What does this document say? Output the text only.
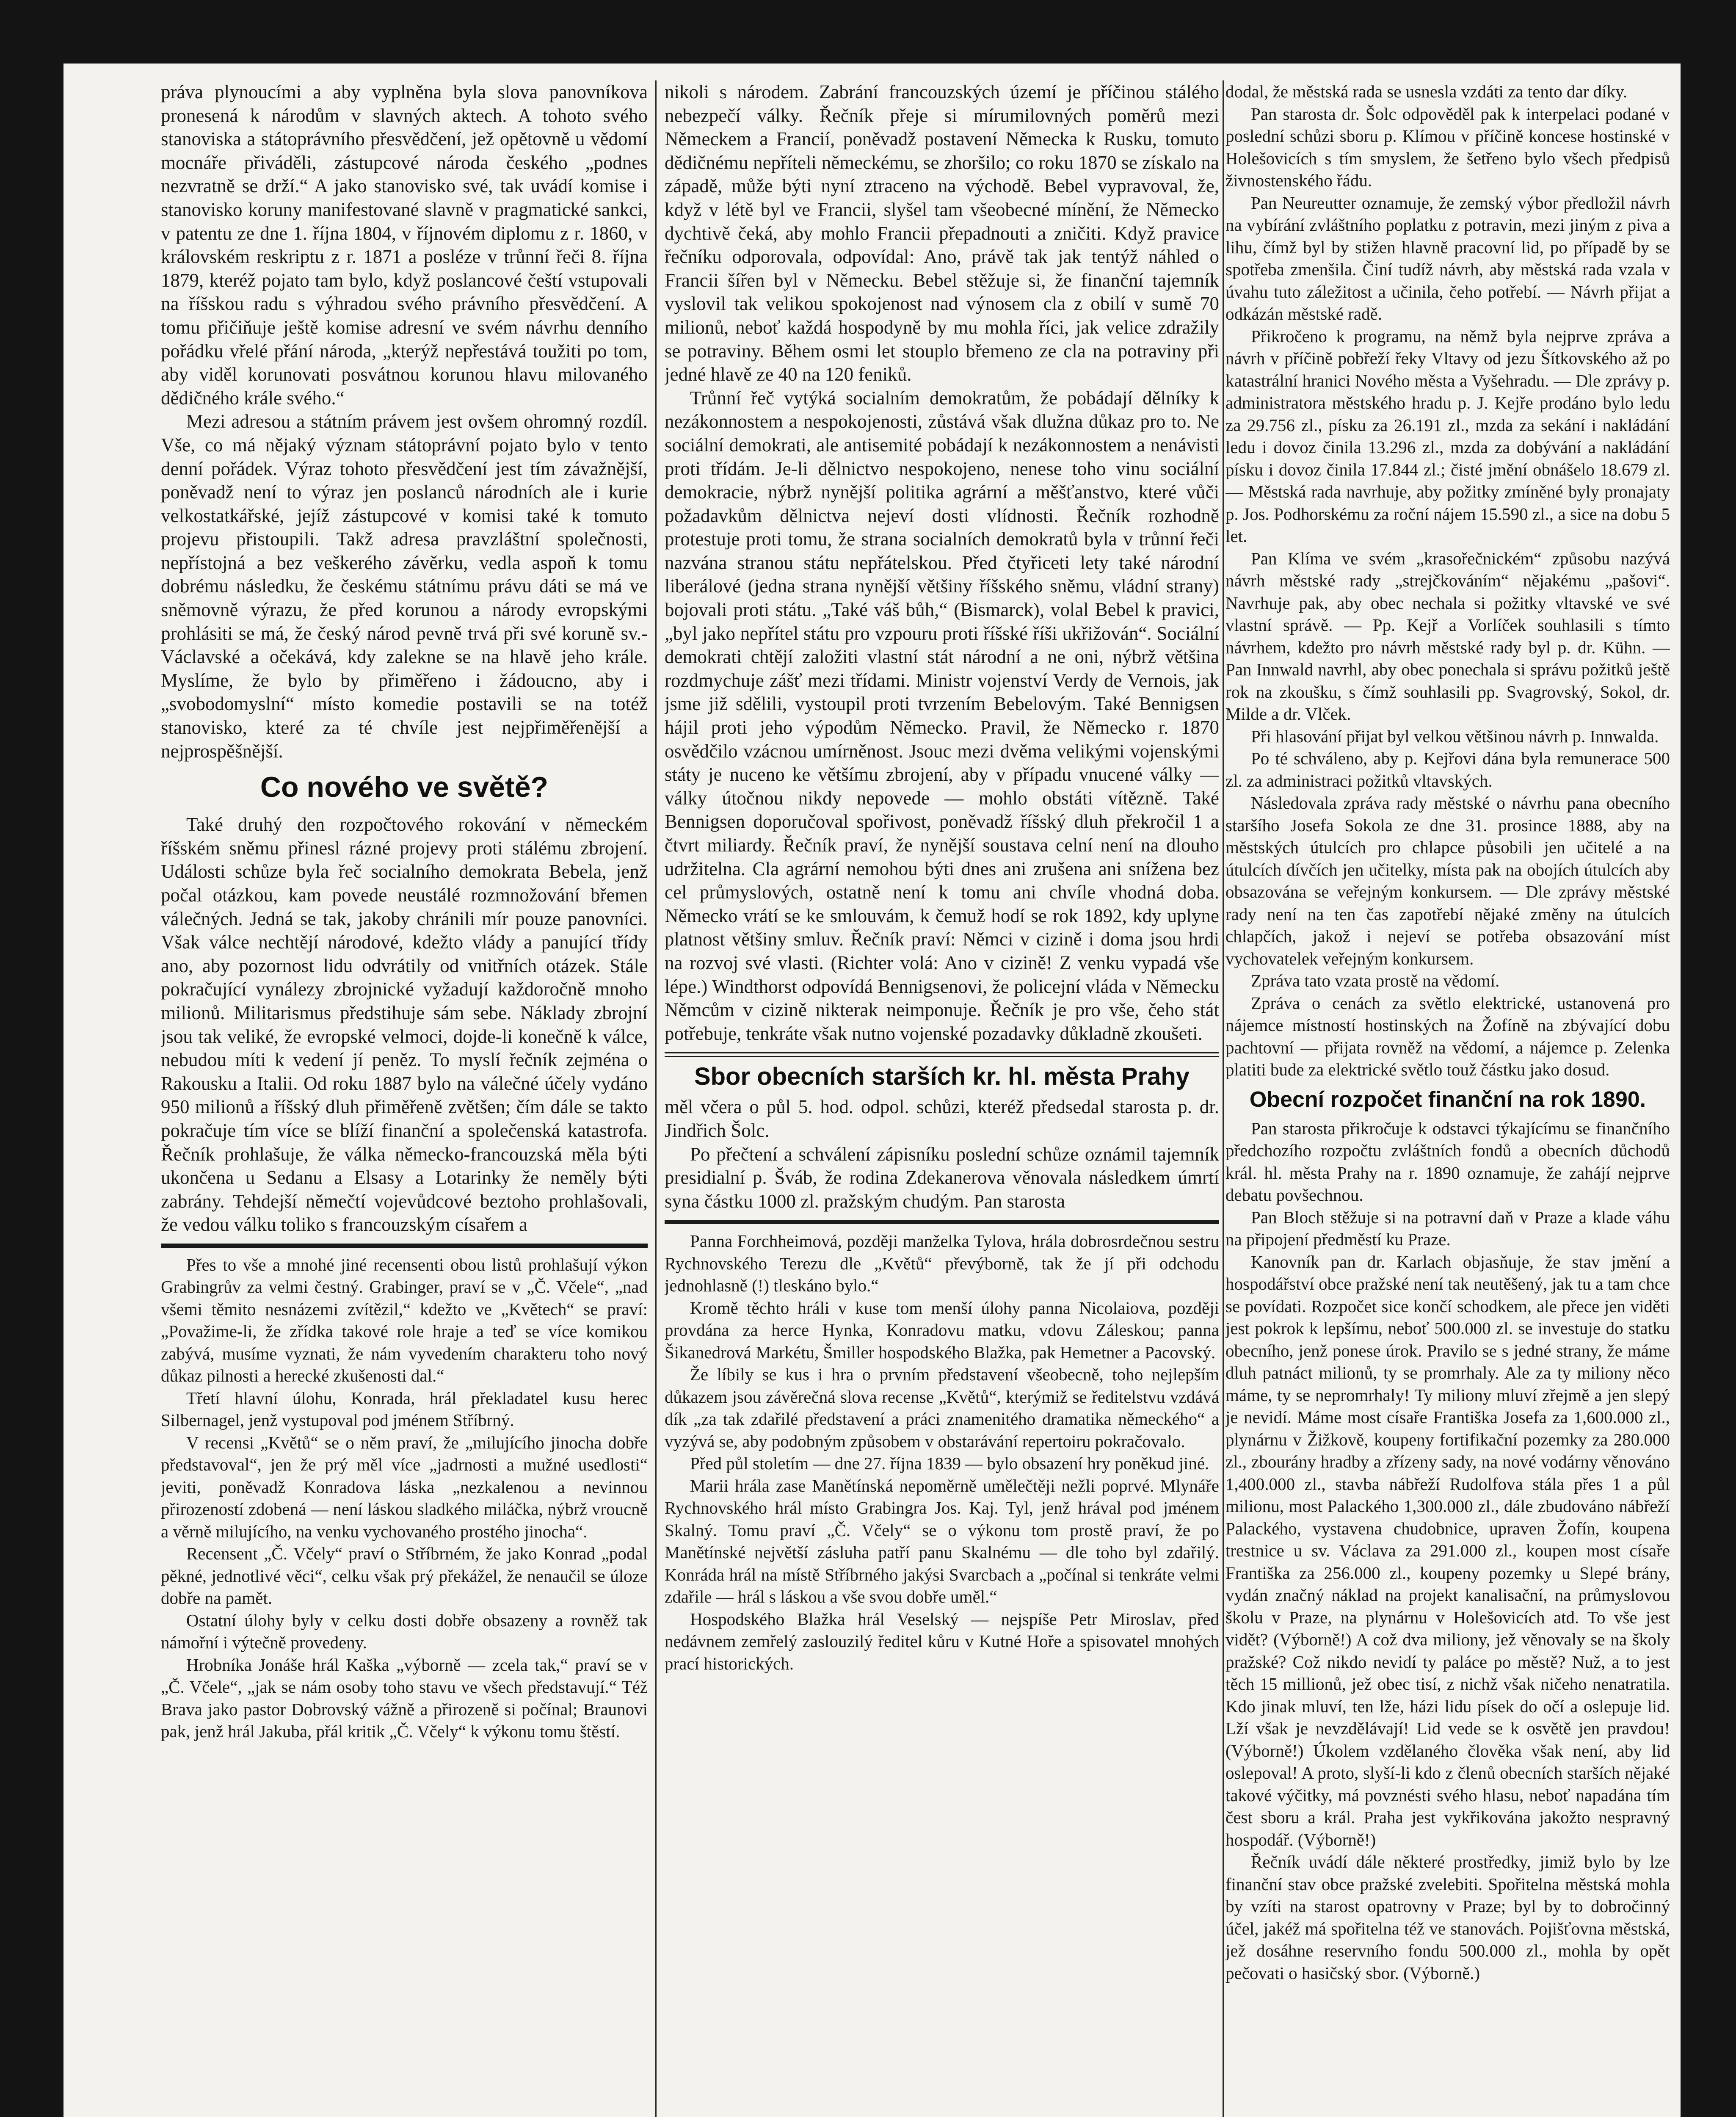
práva plynoucími a aby vyplněna byla slova panovníkova pronesená k národům v slavných aktech. A tohoto svého stanoviska a státoprávního přesvědčení, jež opětovně u vědomí mocnáře přiváděli, zástupcové národa českého „podnes nezvratně se drží.“ A jako stanovisko své, tak uvádí komise i stanovisko koruny manifestované slavně v pragmatické sankci, v patentu ze dne 1. října 1804, v říjnovém diplomu z r. 1860, v královském reskriptu z r. 1871 a posléze v trůnní řeči 8. října 1879, kteréž pojato tam bylo, když poslancové čeští vstupovali na říšskou radu s výhradou svého právního přesvědčení. A tomu přičiňuje ještě komise adresní ve svém návrhu denního pořádku vřelé přání národa, „kterýž nepřestává toužiti po tom, aby viděl korunovati posvátnou korunou hlavu milovaného dědičného krále svého.“

Mezi adresou a státním právem jest ovšem ohromný rozdíl. Vše, co má nějaký význam státoprávní pojato bylo v tento denní pořádek. Výraz tohoto přesvědčení jest tím závažnější, poněvadž není to výraz jen poslanců národních ale i kurie velkostatkářské, jejíž zástupcové v komisi také k tomuto projevu přistoupili. Takž adresa pravzláštní společnosti, nepřístojná a bez veškerého závěrku, vedla aspoň k tomu dobrému následku, že českému státnímu právu dáti se má ve sněmovně výrazu, že před korunou a národy evropskými prohlásiti se má, že český národ pevně trvá při své koruně sv.-Václavské a očekává, kdy zalekne se na hlavě jeho krále. Myslíme, že bylo by přiměřeno i žádoucno, aby i „svobodomyslní“ místo komedie postavili se na totéž stanovisko, které za té chvíle jest nejpřiměřenější a nejprospěšnější.

Co nového ve světě?

Také druhý den rozpočtového rokování v německém říšském sněmu přinesl rázné projevy proti stálému zbrojení. Události schůze byla řeč socialního demokrata Bebela, jenž počal otázkou, kam povede neustálé rozmnožování břemen válečných. Jedná se tak, jakoby chránili mír pouze panovníci. Však válce nechtějí národové, kdežto vlády a panující třídy ano, aby pozornost lidu odvrátily od vnitřních otázek. Stále pokračující vynálezy zbrojnické vyžadují každoročně mnoho milionů. Militarismus předstihuje sám sebe. Náklady zbrojní jsou tak veliké, že evropské velmoci, dojde-li konečně k válce, nebudou míti k vedení jí peněz. To myslí řečník zejména o Rakousku a Italii. Od roku 1887 bylo na válečné účely vydáno 950 milionů a říšský dluh přiměřeně zvětšen; čím dále se takto pokračuje tím více se blíží finanční a společenská katastrofa. Řečník prohlašuje, že válka německo-francouzská měla býti ukončena u Sedanu a Elsasy a Lotarinky že neměly býti zabrány. Tehdejší němečtí vojevůdcové beztoho prohlašovali, že vedou válku toliko s francouzským císařem a

Přes to vše a mnohé jiné recensenti obou listů prohlašují výkon Grabingrův za velmi čestný. Grabinger, praví se v „Č. Včele“, „nad všemi těmito nesnázemi zvítězil,“ kdežto ve „Květech“ se praví: „Považime-li, že zřídka takové role hraje a teď se více komikou zabývá, musíme vyznati, že nám vyvedením charakteru toho nový důkaz pilnosti a herecké zkušenosti dal.“

Třetí hlavní úlohu, Konrada, hrál překladatel kusu herec Silbernagel, jenž vystupoval pod jménem Stříbrný.

V recensi „Květů“ se o něm praví, že „milujícího jinocha dobře představoval“, jen že prý měl více „jadrnosti a mužné usedlosti“ jeviti, poněvadž Konradova láska „nezkalenou a nevinnou přirozeností zdobená — není láskou sladkého miláčka, nýbrž vroucně a věrně milujícího, na venku vychovaného prostého jinocha“.

Recensent „Č. Včely“ praví o Stříbrném, že jako Konrad „podal pěkné, jednotlivé věci“, celku však prý překážel, že nenaučil se úloze dobře na pamět.

Ostatní úlohy byly v celku dosti dobře obsazeny a rovněž tak námořní i výtečně provedeny.

Hrobníka Jonáše hrál Kaška „výborně — zcela tak,“ praví se v „Č. Včele“, „jak se nám osoby toho stavu ve všech představují.“ Též Brava jako pastor Dobrovský vážně a přirozeně si počínal; Braunovi pak, jenž hrál Jakuba, přál kritik „Č. Včely“ k výkonu tomu štěstí.

nikoli s národem. Zabrání francouzských území je příčinou stálého nebezpečí války. Řečník přeje si mírumilovných poměrů mezi Německem a Francií, poněvadž postavení Německa k Rusku, tomuto dědičnému nepříteli německému, se zhoršilo; co roku 1870 se získalo na západě, může býti nyní ztraceno na východě. Bebel vypravoval, že, když v létě byl ve Francii, slyšel tam všeobecné mínění, že Německo dychtivě čeká, aby mohlo Francii přepadnouti a zničiti. Když pravice řečníku odporovala, odpovídal: Ano, právě tak jak tentýž náhled o Francii šířen byl v Německu. Bebel stěžuje si, že finanční tajemník vyslovil tak velikou spokojenost nad výnosem cla z obilí v sumě 70 milionů, neboť každá hospodyně by mu mohla říci, jak velice zdražily se potraviny. Během osmi let stouplo břemeno ze cla na potraviny při jedné hlavě ze 40 na 120 feniků.

Trůnní řeč vytýká socialním demokratům, že pobádají dělníky k nezákonnostem a nespokojenosti, zůstává však dlužna důkaz pro to. Ne sociální demokrati, ale antisemité pobádají k nezákonnostem a nenávisti proti třídám. Je-li dělnictvo nespokojeno, nenese toho vinu sociální demokracie, nýbrž nynější politika agrární a měšťanstvo, které vůči požadavkům dělnictva nejeví dosti vlídnosti. Řečník rozhodně protestuje proti tomu, že strana socialních demokratů byla v trůnní řeči nazvána stranou státu nepřátelskou. Před čtyřiceti lety také národní liberálové (jedna strana nynější většiny říšského sněmu, vládní strany) bojovali proti státu. „Také váš bůh,“ (Bismarck), volal Bebel k pravici, „byl jako nepřítel státu pro vzpouru proti říšské říši ukřižován“. Sociální demokrati chtějí založiti vlastní stát národní a ne oni, nýbrž většina rozdmychuje zášť mezi třídami. Ministr vojenství Verdy de Vernois, jak jsme již sdělili, vystoupil proti tvrzením Bebelovým. Také Bennigsen hájil proti jeho výpodům Německo. Pravil, že Německo r. 1870 osvědčilo vzácnou umírněnost. Jsouc mezi dvěma velikými vojenskými státy je nuceno ke většímu zbrojení, aby v případu vnucené války — války útočnou nikdy nepovede — mohlo obstáti vítězně. Také Bennigsen doporučoval spořivost, poněvadž říšský dluh překročil 1 a čtvrt miliardy. Řečník praví, že nynější soustava celní není na dlouho udržitelna. Cla agrární nemohou býti dnes ani zrušena ani snížena bez cel průmyslových, ostatně není k tomu ani chvíle vhodná doba. Německo vrátí se ke smlouvám, k čemuž hodí se rok 1892, kdy uplyne platnost většiny smluv. Řečník praví: Němci v cizině i doma jsou hrdi na rozvoj své vlasti. (Richter volá: Ano v cizině! Z venku vypadá vše lépe.) Windthorst odpovídá Bennigsenovi, že policejní vláda v Německu Němcům v cizině nikterak neimponuje. Řečník je pro vše, čeho stát potřebuje, tenkráte však nutno vojenské pozadavky důkladně zkoušeti.

Sbor obecních starších kr. hl. města Prahy

měl včera o půl 5. hod. odpol. schůzi, kteréž předsedal starosta p. dr. Jindřich Šolc.

Po přečtení a schválení zápisníku poslední schůze oznámil tajemník presidialní p. Šváb, že rodina Zdekanerova věnovala následkem úmrtí syna částku 1000 zl. pražským chudým. Pan starosta

Panna Forchheimová, později manželka Tylova, hrála dobrosrdečnou sestru Rychnovského Terezu dle „Květů“ převýborně, tak že jí při odchodu jednohlasně (!) tleskáno bylo.“

Kromě těchto hráli v kuse tom menší úlohy panna Nicolaiova, později provdána za herce Hynka, Konradovu matku, vdovu Záleskou; panna Šikanedrová Markétu, Šmiller hospodského Blažka, pak Hemetner a Pacovský.

Že líbily se kus i hra o prvním představení všeobecně, toho nejlepším důkazem jsou závěrečná slova recense „Květů“, kterýmiž se ředitelstvu vzdává dík „za tak zdařilé představení a práci znamenitého dramatika německého“ a vyzývá se, aby podobným způsobem v obstarávání repertoiru pokračovalo.

Před půl stoletím — dne 27. října 1839 — bylo obsazení hry poněkud jiné.

Marii hrála zase Manětínská nepoměrně umělečtěji nežli poprvé. Mlynáře Rychnovského hrál místo Grabingra Jos. Kaj. Tyl, jenž hrával pod jménem Skalný. Tomu praví „Č. Včely“ se o výkonu tom prostě praví, že po Manětínské největší zásluha patří panu Skalnému — dle toho byl zdařilý. Konráda hrál na místě Stříbrného jakýsi Svarcbach a „počínal si tenkráte velmi zdařile — hrál s láskou a vše svou dobře uměl.“

Hospodského Blažka hrál Veselský — nejspíše Petr Miroslav, před nedávnem zemřelý zaslouzilý ředitel kůru v Kutné Hoře a spisovatel mnohých prací historických.

dodal, že městská rada se usnesla vzdáti za tento dar díky.

Pan starosta dr. Šolc odpověděl pak k interpelaci podané v poslední schůzi sboru p. Klímou v příčině koncese hostinské v Holešovicích s tím smyslem, že šetřeno bylo všech předpisů živnostenského řádu.

Pan Neureutter oznamuje, že zemský výbor předložil návrh na vybírání zvláštního poplatku z potravin, mezi jiným z piva a lihu, čímž byl by stižen hlavně pracovní lid, po případě by se spotřeba zmenšila. Činí tudíž návrh, aby městská rada vzala v úvahu tuto záležitost a učinila, čeho potřebí. — Návrh přijat a odkázán městské radě.

Přikročeno k programu, na němž byla nejprve zpráva a návrh v příčině pobřeží řeky Vltavy od jezu Šítkovského až po katastrální hranici Nového města a Vyšehradu. — Dle zprávy p. administratora městského hradu p. J. Kejře prodáno bylo ledu za 29.756 zl., písku za 26.191 zl., mzda za sekání i nakládání ledu i dovoz činila 13.296 zl., mzda za dobývání a nakládání písku i dovoz činila 17.844 zl.; čisté jmění obnášelo 18.679 zl. — Městská rada navrhuje, aby požitky zmíněné byly pronajaty p. Jos. Podhorskému za roční nájem 15.590 zl., a sice na dobu 5 let.

Pan Klíma ve svém „krasořečnickém“ způsobu nazývá návrh městské rady „strejčkováním“ nějakému „pašovi“. Navrhuje pak, aby obec nechala si požitky vltavské ve své vlastní správě. — Pp. Kejř a Vorlíček souhlasili s tímto návrhem, kdežto pro návrh městské rady byl p. dr. Kühn. — Pan Innwald navrhl, aby obec ponechala si správu požitků ještě rok na zkoušku, s čímž souhlasili pp. Svagrovský, Sokol, dr. Milde a dr. Vlček.

Při hlasování přijat byl velkou většinou návrh p. Innwalda.

Po té schváleno, aby p. Kejřovi dána byla remunerace 500 zl. za administraci požitků vltavských.

Následovala zpráva rady městské o návrhu pana obecního staršího Josefa Sokola ze dne 31. prosince 1888, aby na městských útulcích pro chlapce působili jen učitelé a na útulcích dívčích jen učitelky, místa pak na obojích útulcích aby obsazována se veřejným konkursem. — Dle zprávy městské rady není na ten čas zapotřebí nějaké změny na útulcích chlapčích, jakož i nejeví se potřeba obsazování míst vychovatelek veřejným konkursem.

Zpráva tato vzata prostě na vědomí.

Zpráva o cenách za světlo elektrické, ustanovená pro nájemce místností hostinských na Žofíně na zbývající dobu pachtovní — přijata rovněž na vědomí, a nájemce p. Zelenka platiti bude za elektrické světlo touž částku jako dosud.

Obecní rozpočet finanční na rok 1890.

Pan starosta přikročuje k odstavci týkajícímu se finančního předchozího rozpočtu zvláštních fondů a obecních důchodů král. hl. města Prahy na r. 1890 oznamuje, že zahájí nejprve debatu povšechnou.

Pan Bloch stěžuje si na potravní daň v Praze a klade váhu na připojení předměstí ku Praze.

Kanovník pan dr. Karlach objasňuje, že stav jmění a hospodářství obce pražské není tak neutěšený, jak tu a tam chce se povídati. Rozpočet sice končí schodkem, ale přece jen viděti jest pokrok k lepšímu, neboť 500.000 zl. se investuje do statku obecního, jenž ponese úrok. Pravilo se s jedné strany, že máme dluh patnáct milionů, ty se promrhaly. Ale za ty miliony něco máme, ty se nepromrhaly! Ty miliony mluví zřejmě a jen slepý je nevidí. Máme most císaře Františka Josefa za 1,600.000 zl., plynárnu v Žižkově, koupeny fortifikační pozemky za 280.000 zl., zbourány hradby a zřízeny sady, na nové vodárny věnováno 1,400.000 zl., stavba nábřeží Rudolfova stála přes 1 a půl milionu, most Palackého 1,300.000 zl., dále zbudováno nábřeží Palackého, vystavena chudobnice, upraven Žofín, koupena trestnice u sv. Václava za 291.000 zl., koupen most císaře Františka za 256.000 zl., koupeny pozemky u Slepé brány, vydán značný náklad na projekt kanalisační, na průmyslovou školu v Praze, na plynárnu v Holešovicích atd. To vše jest vidět? (Výborně!) A což dva miliony, jež věnovaly se na školy pražské? Což nikdo nevidí ty paláce po městě? Nuž, a to jest těch 15 millionů, jež obec tisí, z nichž však ničeho nenatratila. Kdo jinak mluví, ten lže, házi lidu písek do očí a oslepuje lid. Lží však je nevzdělávají! Lid vede se k osvětě jen pravdou! (Výborně!) Úkolem vzdělaného člověka však není, aby lid oslepoval! A proto, slyší-li kdo z členů obecních starších nějaké takové výčitky, má povznésti svého hlasu, neboť napadána tím čest sboru a král. Praha jest vykřikována jakožto nespravný hospodář. (Výborně!)

Řečník uvádí dále některé prostředky, jimiž bylo by lze finanční stav obce pražské zvelebiti. Spořitelna městská mohla by vzíti na starost opatrovny v Praze; byl by to dobročinný účel, jakéž má spořitelna též ve stanovách. Pojišťovna městská, jež dosáhne reservního fondu 500.000 zl., mohla by opět pečovati o hasičský sbor. (Výborně.)
